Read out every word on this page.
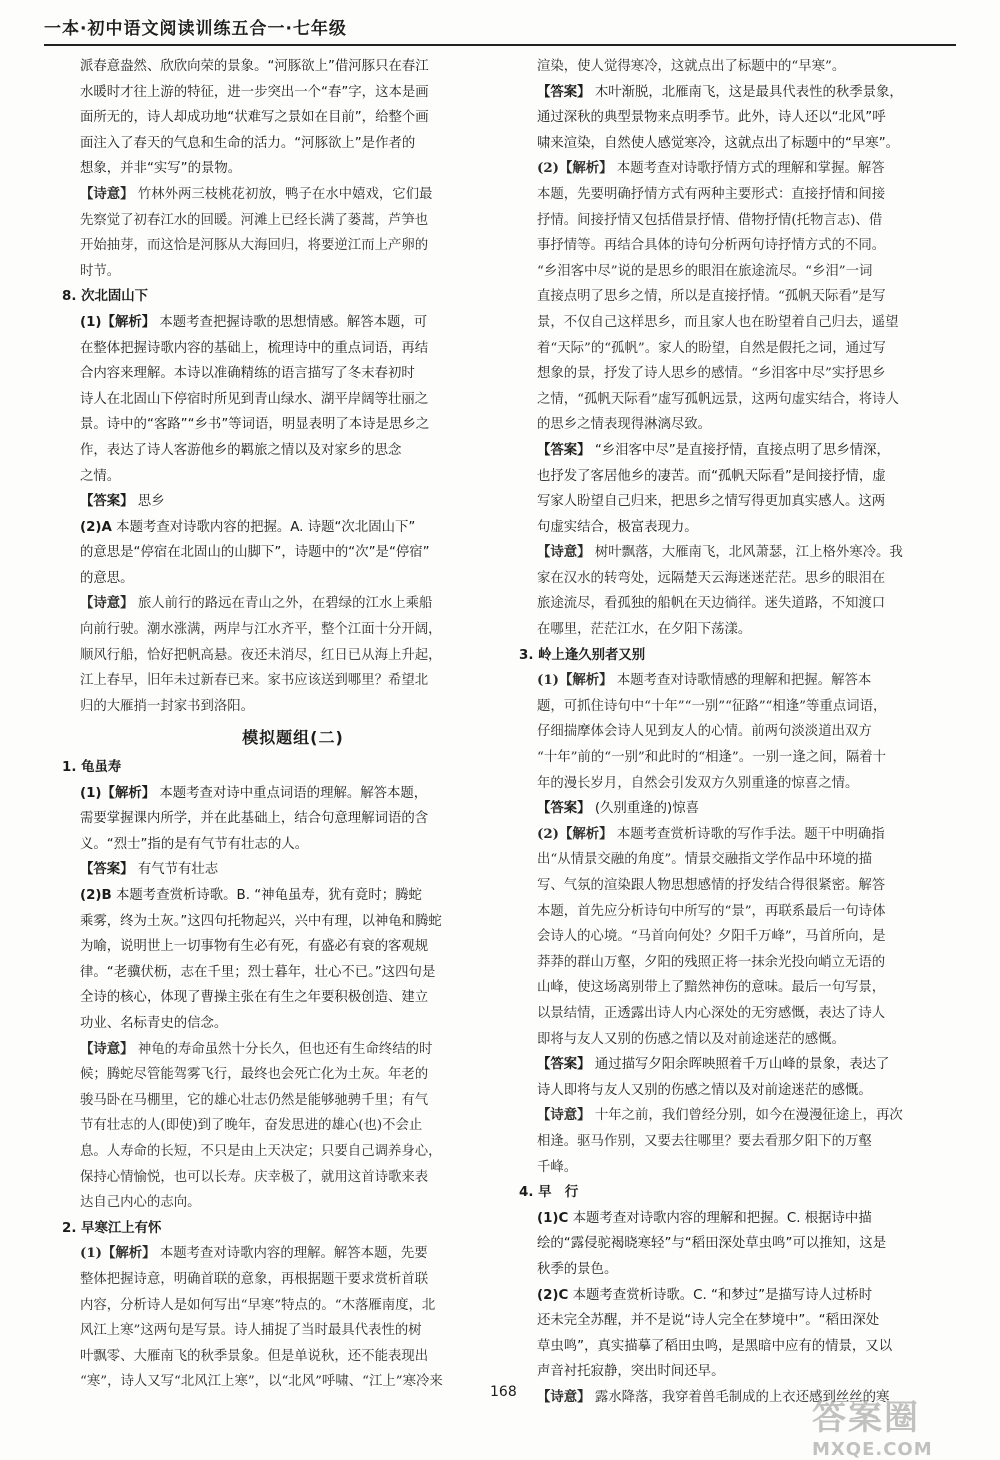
一本·初中语文阅读训练五合一·七年级
派春意盎然、欣欣向荣的景象。“河豚欲上”借河豚只在春江
水暖时才往上游的特征，进一步突出一个“春”字，这本是画
面所无的，诗人却成功地“状难写之景如在目前”，给整个画
面注入了春天的气息和生命的活力。“河豚欲上”是作者的
想象，并非“实写”的景物。
【诗意】 竹林外两三枝桃花初放，鸭子在水中嬉戏，它们最
先察觉了初春江水的回暖。河滩上已经长满了蒌蒿，芦笋也
开始抽芽，而这恰是河豚从大海回归，将要逆江而上产卵的
时节。
8. 次北固山下
(1)【解析】 本题考查把握诗歌的思想情感。解答本题，可
在整体把握诗歌内容的基础上，梳理诗中的重点词语，再结
合内容来理解。本诗以准确精练的语言描写了冬末春初时
诗人在北固山下停宿时所见到青山绿水、湖平岸阔等壮丽之
景。诗中的“客路”“乡书”等词语，明显表明了本诗是思乡之
作，表达了诗人客游他乡的羁旅之情以及对家乡的思念
之情。
【答案】 思乡
(2)A 本题考查对诗歌内容的把握。A. 诗题“次北固山下”
的意思是“停宿在北固山的山脚下”，诗题中的“次”是“停宿”
的意思。
【诗意】 旅人前行的路远在青山之外，在碧绿的江水上乘船
向前行驶。潮水涨满，两岸与江水齐平，整个江面十分开阔，
顺风行船，恰好把帆高悬。夜还未消尽，红日已从海上升起，
江上春早，旧年未过新春已来。家书应该送到哪里？希望北
归的大雁捎一封家书到洛阳。
模拟题组(二)
1. 龟虽寿
(1)【解析】 本题考查对诗中重点词语的理解。解答本题，
需要掌握课内所学，并在此基础上，结合句意理解词语的含
义。“烈士”指的是有气节有壮志的人。
【答案】 有气节有壮志
(2)B 本题考查赏析诗歌。B. “神龟虽寿，犹有竟时；腾蛇
乘雾，终为土灰。”这四句托物起兴，兴中有理，以神龟和腾蛇
为喻，说明世上一切事物有生必有死，有盛必有衰的客观规
律。“老骥伏枥，志在千里；烈士暮年，壮心不已。”这四句是
全诗的核心，体现了曹操主张在有生之年要积极创造、建立
功业、名标青史的信念。
【诗意】 神龟的寿命虽然十分长久，但也还有生命终结的时
候；腾蛇尽管能驾雾飞行，最终也会死亡化为土灰。年老的
骏马卧在马棚里，它的雄心壮志仍然是能够驰骋千里；有气
节有壮志的人(即使)到了晚年，奋发思进的雄心(也)不会止
息。人寿命的长短，不只是由上天决定；只要自己调养身心，
保持心情愉悦，也可以长寿。庆幸极了，就用这首诗歌来表
达自己内心的志向。
2. 早寒江上有怀
(1)【解析】 本题考查对诗歌内容的理解。解答本题，先要
整体把握诗意，明确首联的意象，再根据题干要求赏析首联
内容，分析诗人是如何写出“早寒”特点的。“木落雁南度，北
风江上寒”这两句是写景。诗人捕捉了当时最具代表性的树
叶飘零、大雁南飞的秋季景象。但是单说秋，还不能表现出
“寒”，诗人又写“北风江上寒”，以“北风”呼啸、“江上”寒冷来
渲染，使人觉得寒冷，这就点出了标题中的“早寒”。
【答案】 木叶渐脱，北雁南飞，这是最具代表性的秋季景象，
通过深秋的典型景物来点明季节。此外，诗人还以“北风”呼
啸来渲染，自然使人感觉寒冷，这就点出了标题中的“早寒”。
(2)【解析】 本题考查对诗歌抒情方式的理解和掌握。解答
本题，先要明确抒情方式有两种主要形式：直接抒情和间接
抒情。间接抒情又包括借景抒情、借物抒情(托物言志)、借
事抒情等。再结合具体的诗句分析两句诗抒情方式的不同。
“乡泪客中尽”说的是思乡的眼泪在旅途流尽。“乡泪”一词
直接点明了思乡之情，所以是直接抒情。“孤帆天际看”是写
景，不仅自己这样思乡，而且家人也在盼望着自己归去，遥望
着“天际”的“孤帆”。家人的盼望，自然是假托之词，通过写
想象的景，抒发了诗人思乡的感情。“乡泪客中尽”实抒思乡
之情，“孤帆天际看”虚写孤帆远景，这两句虚实结合，将诗人
的思乡之情表现得淋漓尽致。
【答案】 “乡泪客中尽”是直接抒情，直接点明了思乡情深，
也抒发了客居他乡的凄苦。而“孤帆天际看”是间接抒情，虚
写家人盼望自己归来，把思乡之情写得更加真实感人。这两
句虚实结合，极富表现力。
【诗意】 树叶飘落，大雁南飞，北风萧瑟，江上格外寒冷。我
家在汉水的转弯处，远隔楚天云海迷迷茫茫。思乡的眼泪在
旅途流尽，看孤独的船帆在天边徜徉。迷失道路，不知渡口
在哪里，茫茫江水，在夕阳下荡漾。
3. 岭上逢久别者又别
(1)【解析】 本题考查对诗歌情感的理解和把握。解答本
题，可抓住诗句中“十年”“一别”“征路”“相逢”等重点词语，
仔细揣摩体会诗人见到友人的心情。前两句淡淡道出双方
“十年”前的“一别”和此时的“相逢”。一别一逢之间，隔着十
年的漫长岁月，自然会引发双方久别重逢的惊喜之情。
【答案】 (久别重逢的)惊喜
(2)【解析】 本题考查赏析诗歌的写作手法。题干中明确指
出“从情景交融的角度”。情景交融指文学作品中环境的描
写、气氛的渲染跟人物思想感情的抒发结合得很紧密。解答
本题，首先应分析诗句中所写的“景”，再联系最后一句诗体
会诗人的心境。“马首向何处？夕阳千万峰”，马首所向，是
莽莽的群山万壑，夕阳的残照正将一抹余光投向峭立无语的
山峰，使这场离别带上了黯然神伤的意味。最后一句写景，
以景结情，正透露出诗人内心深处的无穷感慨，表达了诗人
即将与友人又别的伤感之情以及对前途迷茫的感慨。
【答案】 通过描写夕阳余晖映照着千万山峰的景象，表达了
诗人即将与友人又别的伤感之情以及对前途迷茫的感慨。
【诗意】 十年之前，我们曾经分别，如今在漫漫征途上，再次
相逢。驱马作别，又要去往哪里？要去看那夕阳下的万壑
千峰。
4. 早　行
(1)C 本题考查对诗歌内容的理解和把握。C. 根据诗中描
绘的“露侵驼褐晓寒轻”与“稻田深处草虫鸣”可以推知，这是
秋季的景色。
(2)C 本题考查赏析诗歌。C. “和梦过”是描写诗人过桥时
还未完全苏醒，并不是说“诗人完全在梦境中”。“稻田深处
草虫鸣”，真实描摹了稻田虫鸣，是黑暗中应有的情景，又以
声音衬托寂静，突出时间还早。
【诗意】 露水降落，我穿着兽毛制成的上衣还感到丝丝的寒
168
答案圈
MXQE.COM
